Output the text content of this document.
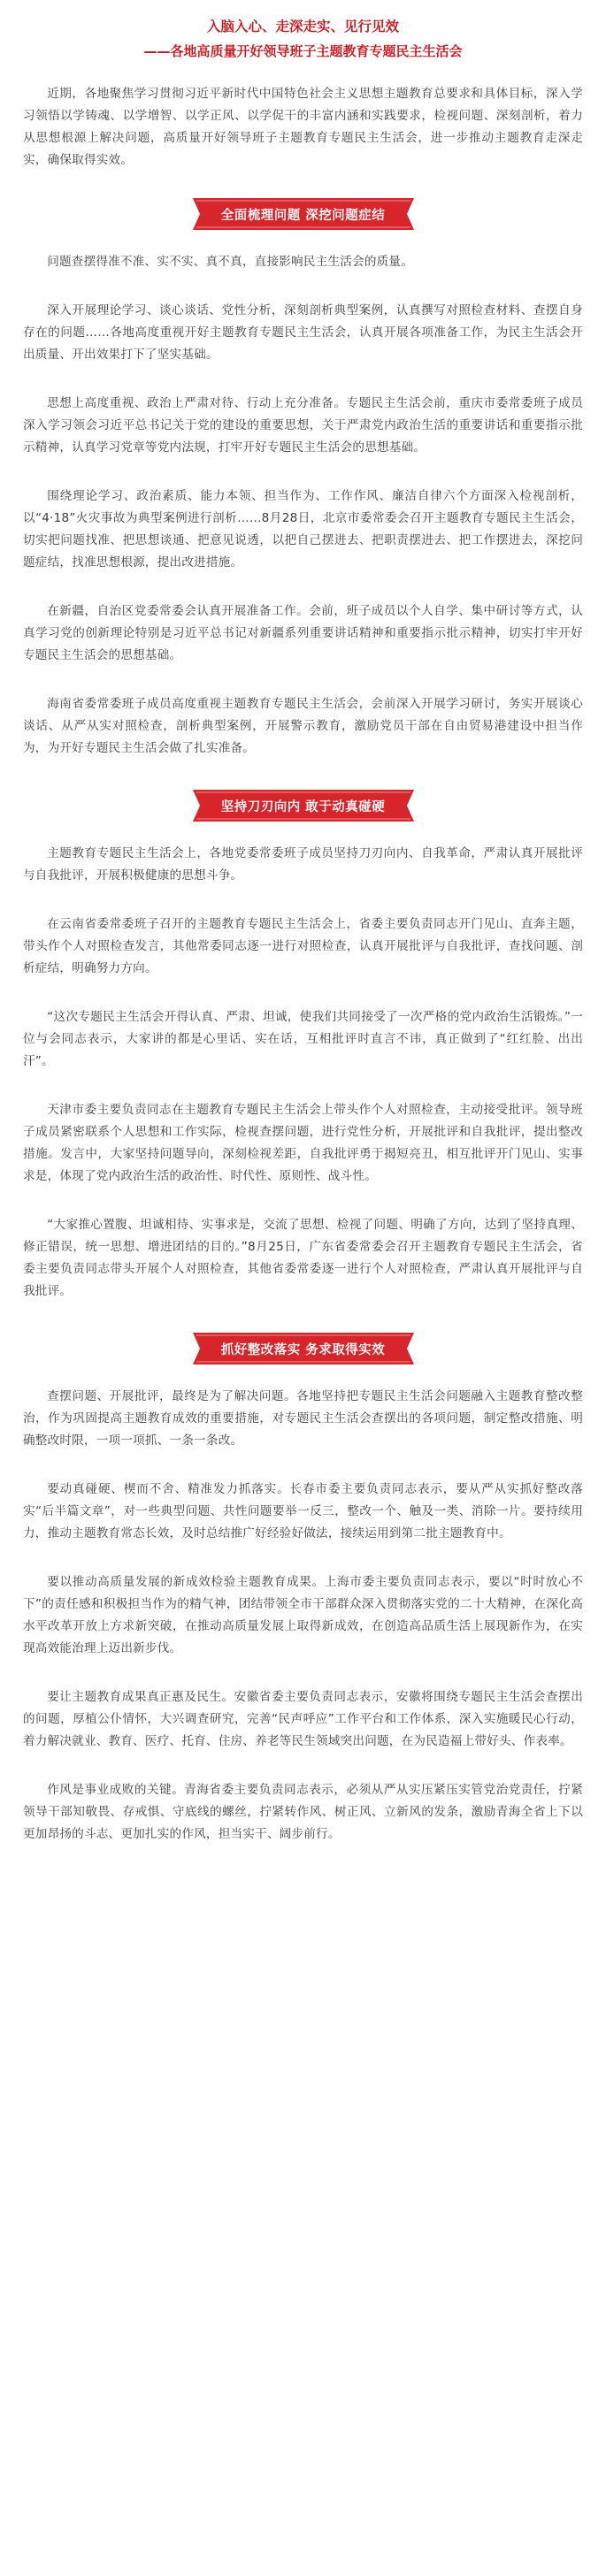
入脑入心、走深走实、见行见效
——各地高质量开好领导班子主题教育专题民主生活会

近期，各地聚焦学习贯彻习近平新时代中国特色社会主义思想主题教育总要求和具体目标，深入学习领悟以学铸魂、以学增智、以学正风、以学促干的丰富内涵和实践要求，检视问题、深刻剖析，着力从思想根源上解决问题，高质量开好领导班子主题教育专题民主生活会，进一步推动主题教育走深走实，确保取得实效。

全面梳理问题 深挖问题症结

问题查摆得准不准、实不实、真不真，直接影响民主生活会的质量。

深入开展理论学习、谈心谈话、党性分析，深刻剖析典型案例，认真撰写对照检查材料、查摆自身存在的问题……各地高度重视开好主题教育专题民主生活会，认真开展各项准备工作，为民主生活会开出质量、开出效果打下了坚实基础。

思想上高度重视、政治上严肃对待、行动上充分准备。专题民主生活会前，重庆市委常委班子成员深入学习领会习近平总书记关于党的建设的重要思想，关于严肃党内政治生活的重要讲话和重要指示批示精神，认真学习党章等党内法规，打牢开好专题民主生活会的思想基础。

围绕理论学习、政治素质、能力本领、担当作为、工作作风、廉洁自律六个方面深入检视剖析，以“4·18”火灾事故为典型案例进行剖析……8月28日，北京市委常委会召开主题教育专题民主生活会，切实把问题找准、把思想谈通、把意见说透，以把自己摆进去、把职责摆进去、把工作摆进去，深挖问题症结，找准思想根源，提出改进措施。

在新疆，自治区党委常委会认真开展准备工作。会前，班子成员以个人自学、集中研讨等方式，认真学习党的创新理论特别是习近平总书记对新疆系列重要讲话精神和重要指示批示精神，切实打牢开好专题民主生活会的思想基础。

海南省委常委班子成员高度重视主题教育专题民主生活会，会前深入开展学习研讨，务实开展谈心谈话、从严从实对照检查，剖析典型案例，开展警示教育，激励党员干部在自由贸易港建设中担当作为，为开好专题民主生活会做了扎实准备。

坚持刀刃向内 敢于动真碰硬

主题教育专题民主生活会上，各地党委常委班子成员坚持刀刃向内、自我革命，严肃认真开展批评与自我批评，开展积极健康的思想斗争。

在云南省委常委班子召开的主题教育专题民主生活会上，省委主要负责同志开门见山、直奔主题，带头作个人对照检查发言，其他常委同志逐一进行对照检查，认真开展批评与自我批评，查找问题、剖析症结，明确努力方向。

“这次专题民主生活会开得认真、严肃、坦诚，使我们共同接受了一次严格的党内政治生活锻炼。”一位与会同志表示，大家讲的都是心里话、实在话，互相批评时直言不讳，真正做到了“红红脸、出出汗”。

天津市委主要负责同志在主题教育专题民主生活会上带头作个人对照检查，主动接受批评。领导班子成员紧密联系个人思想和工作实际，检视查摆问题，进行党性分析，开展批评和自我批评，提出整改措施。发言中，大家坚持问题导向，深刻检视差距，自我批评勇于揭短亮丑，相互批评开门见山、实事求是，体现了党内政治生活的政治性、时代性、原则性、战斗性。

“大家推心置腹、坦诚相待、实事求是，交流了思想、检视了问题、明确了方向，达到了坚持真理、修正错误，统一思想、增进团结的目的。”8月25日，广东省委常委会召开主题教育专题民主生活会，省委主要负责同志带头开展个人对照检查，其他省委常委逐一进行个人对照检查，严肃认真开展批评与自我批评。

抓好整改落实 务求取得实效

查摆问题、开展批评，最终是为了解决问题。各地坚持把专题民主生活会问题融入主题教育整改整治，作为巩固提高主题教育成效的重要措施，对专题民主生活会查摆出的各项问题，制定整改措施、明确整改时限，一项一项抓、一条一条改。

要动真碰硬、楔而不舍、精准发力抓落实。长春市委主要负责同志表示，要从严从实抓好整改落实“后半篇文章”，对一些典型问题、共性问题要举一反三，整改一个、触及一类、消除一片。要持续用力，推动主题教育常态长效，及时总结推广好经验好做法，接续运用到第二批主题教育中。

要以推动高质量发展的新成效检验主题教育成果。上海市委主要负责同志表示，要以“时时放心不下”的责任感和积极担当作为的精气神，团结带领全市干部群众深入贯彻落实党的二十大精神，在深化高水平改革开放上方求新突破，在推动高质量发展上取得新成效，在创造高品质生活上展现新作为，在实现高效能治理上迈出新步伐。

要让主题教育成果真正惠及民生。安徽省委主要负责同志表示，安徽将围绕专题民主生活会查摆出的问题，厚植公仆情怀，大兴调查研究，完善“民声呼应”工作平台和工作体系，深入实施暖民心行动，着力解决就业、教育、医疗、托育、住房、养老等民生领域突出问题，在为民造福上带好头、作表率。

作风是事业成败的关键。青海省委主要负责同志表示，必须从严从实压紧压实管党治党责任，拧紧领导干部知敬畏、存戒惧、守底线的螺丝，拧紧转作风、树正风、立新风的发条，激励青海全省上下以更加昂扬的斗志、更加扎实的作风，担当实干、阔步前行。
